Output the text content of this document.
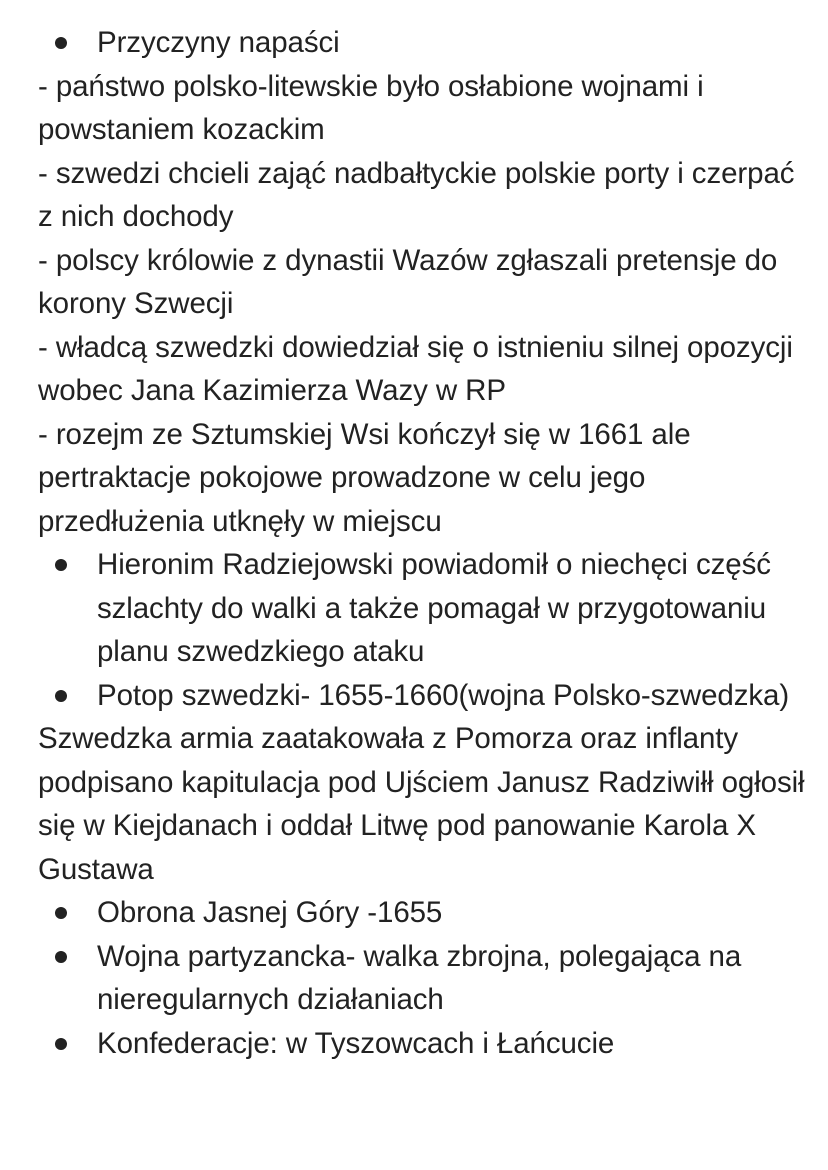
Przyczyny napaści
- państwo polsko-litewskie było osłabione wojnami i powstaniem kozackim
- szwedzi chcieli zająć nadbałtyckie polskie porty i czerpać z nich dochody
- polscy królowie z dynastii Wazów zgłaszali pretensje do korony Szwecji
- władcą szwedzki dowiedział się o istnieniu silnej opozycji wobec Jana Kazimierza Wazy w RP
- rozejm ze Sztumskiej Wsi kończył się w 1661 ale pertraktacje pokojowe prowadzone w celu jego przedłużenia utknęły w miejscu
Hieronim Radziejowski powiadomił o niechęci część szlachty do walki a także pomagał w przygotowaniu planu szwedzkiego ataku
Potop szwedzki- 1655-1660(wojna Polsko-szwedzka)
Szwedzka armia zaatakowała z Pomorza oraz inflanty podpisano kapitulacja pod Ujściem Janusz Radziwiłł ogłosił się w Kiejdanach i oddał Litwę pod panowanie Karola X Gustawa
Obrona Jasnej Góry -1655
Wojna partyzancka- walka zbrojna, polegająca na nieregularnych działaniach
Konfederacje: w Tyszowcach i Łańcucie
